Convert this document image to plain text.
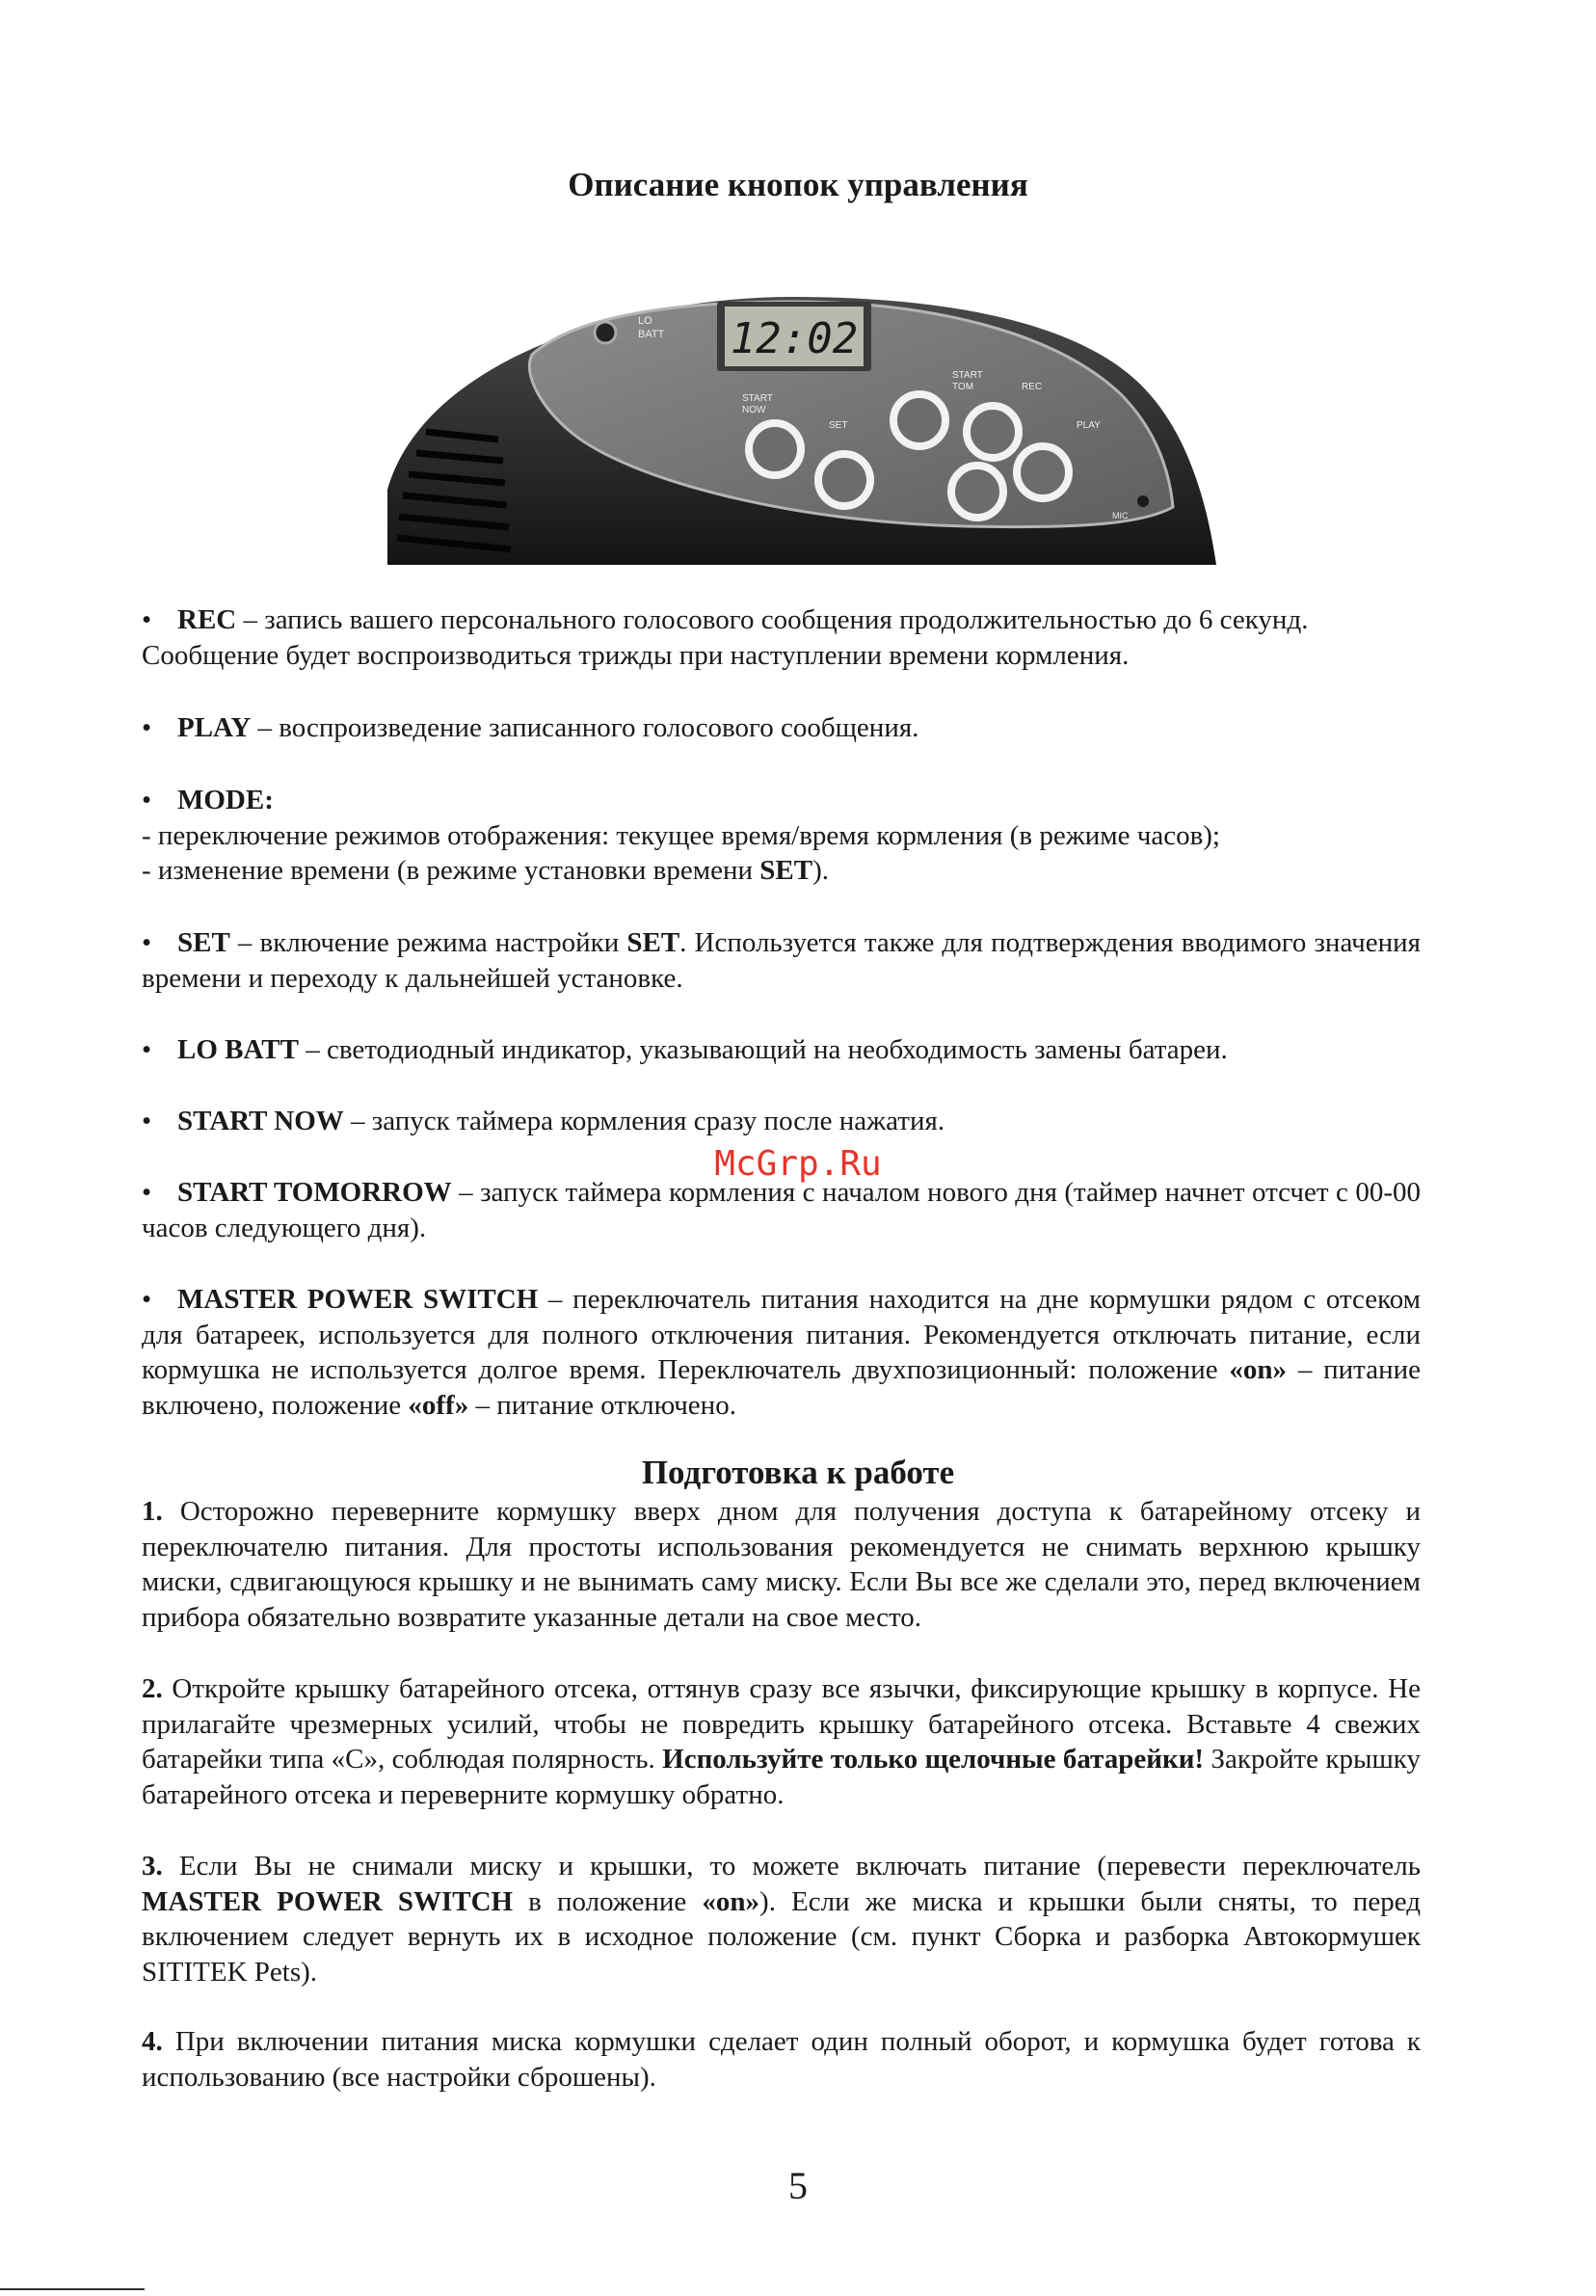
Описание кнопок управления
LO
BATT 12:02
START
NOW
START
TOM
SET
REC
PLAY
MIC

• REC – запись вашего персонального голосового сообщения продолжительностью до 6 секунд.
Сообщение будет воспроизводиться трижды при наступлении времени кормления.

• PLAY – воспроизведение записанного голосового сообщения.

• MODE:
- переключение режимов отображения: текущее время/время кормления (в режиме часов);
- изменение времени (в режиме установки времени SET).

• SET – включение режима настройки SET. Используется также для подтверждения вводимого значения времени и переходу к дальнейшей установке.

• LO BATT – светодиодный индикатор, указывающий на необходимость замены батареи.

• START NOW – запуск таймера кормления сразу после нажатия.

McGrp.Ru

• START TOMORROW – запуск таймера кормления с началом нового дня (таймер начнет отсчет с 00-00 часов следующего дня).

• MASTER POWER SWITCH – переключатель питания находится на дне кормушки рядом с отсеком для батареек, используется для полного отключения питания. Рекомендуется отключать питание, если кормушка не используется долгое время. Переключатель двухпозиционный: положение «on» – питание включено, положение «off» – питание отключено.

Подготовка к работе

1. Осторожно переверните кормушку вверх дном для получения доступа к батарейному отсеку и переключателю питания. Для простоты использования рекомендуется не снимать верхнюю крышку миски, сдвигающуюся крышку и не вынимать саму миску. Если Вы все же сделали это, перед включением прибора обязательно возвратите указанные детали на свое место.

2. Откройте крышку батарейного отсека, оттянув сразу все язычки, фиксирующие крышку в корпусе. Не прилагайте чрезмерных усилий, чтобы не повредить крышку батарейного отсека. Вставьте 4 свежих батарейки типа «C», соблюдая полярность. Используйте только щелочные батарейки! Закройте крышку батарейного отсека и переверните кормушку обратно.

3. Если Вы не снимали миску и крышки, то можете включать питание (перевести переключатель MASTER POWER SWITCH в положение «on»). Если же миска и крышки были сняты, то перед включением следует вернуть их в исходное положение (см. пункт Сборка и разборка Автокормушек SITITEK Pets).

4. При включении питания миска кормушки сделает один полный оборот, и кормушка будет готова к использованию (все настройки сброшены).

5
